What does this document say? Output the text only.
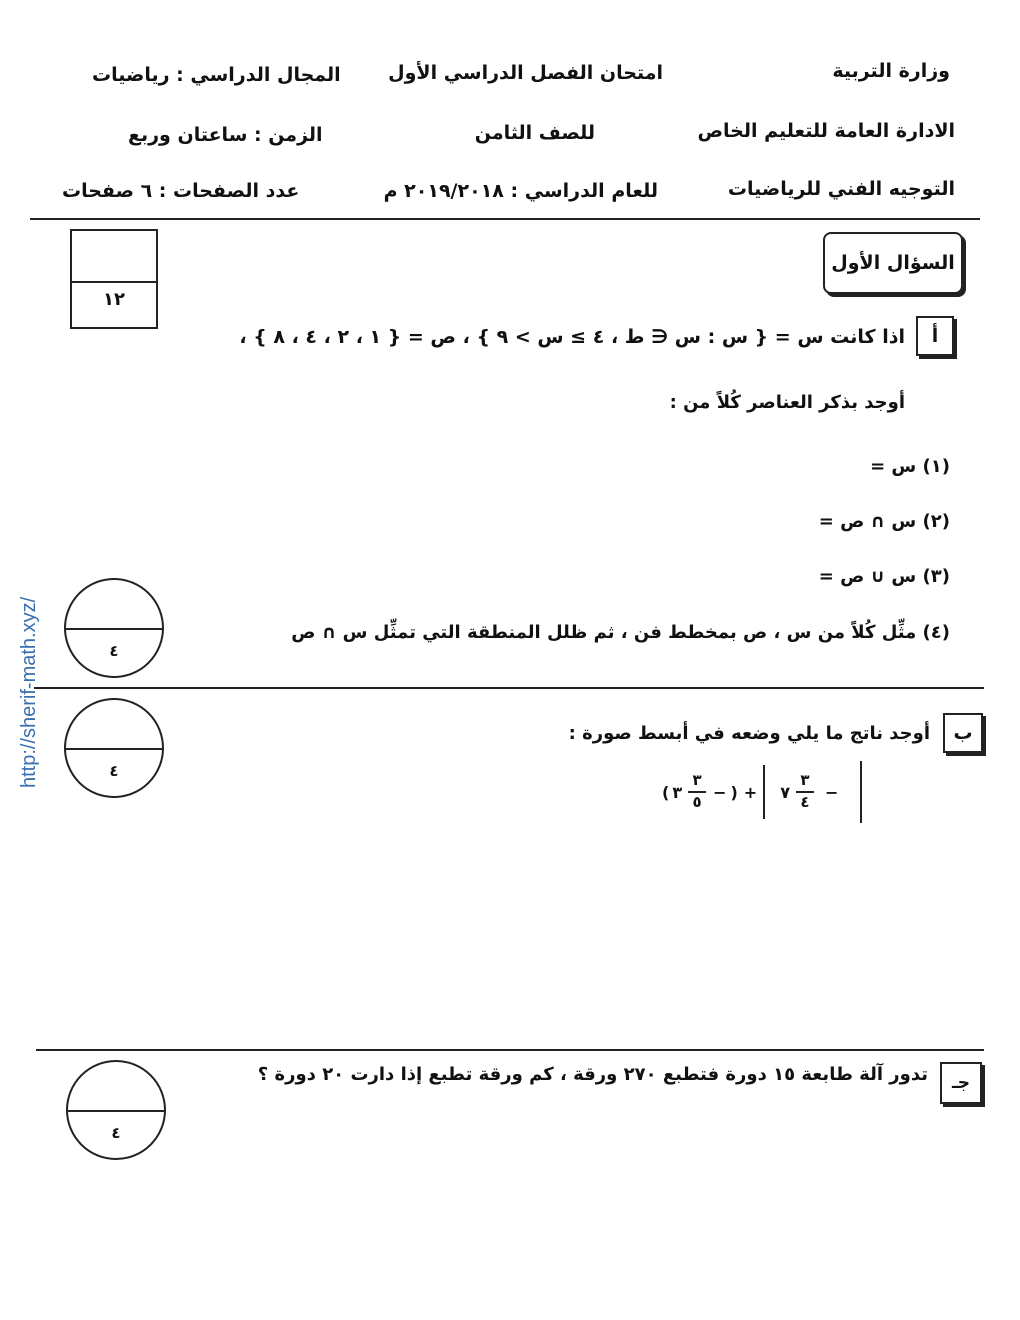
وزارة التربية
الادارة العامة للتعليم الخاص
التوجيه الفني للرياضيات
امتحان الفصل الدراسي الأول
للصف الثامن
للعام الدراسي : ٢٠١٩/٢٠١٨ م
المجال الدراسي : رياضيات
الزمن : ساعتان وربع
عدد الصفحات : ٦ صفحات
http://sherif-math.xyz/
السؤال الأول
١٢
أ
اذا كانت س = { س : س ∈ ط ، ٤ ≥ س > ٩ } ، ص = { ١ ، ٢ ، ٤ ، ٨ } ،
أوجد بذكر العناصر كُلاً من :
(١) س =
(٢) س ∩ ص =
(٣) س ∪ ص =
(٤) مثِّل كُلاً من س ، ص بمخطط فن ، ثم ظلل المنطقة التي تمثِّل س ∩ ص
٤
٤
ب
أوجد ناتج ما يلي وضعه في أبسط صورة :
( ٣ $\frac{٣}{٥}$ − ) + ٧ $\frac{٣}{٤}$ −
٤
جـ
تدور آلة طابعة ١٥ دورة فتطبع ٢٧٠ ورقة ، كم ورقة تطبع إذا دارت ٢٠ دورة ؟
